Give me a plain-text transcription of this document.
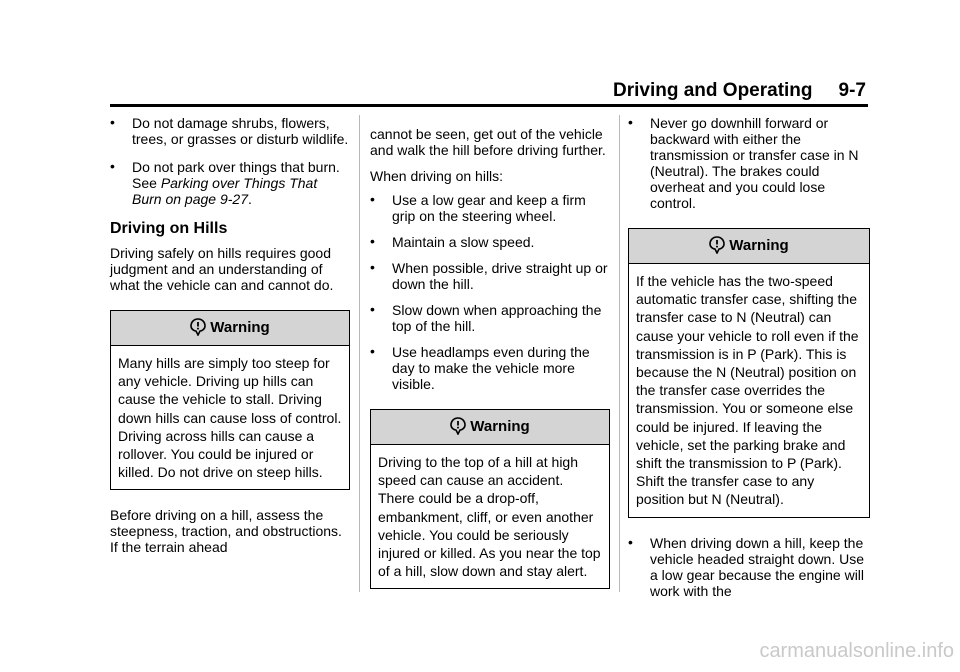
Driving and Operating 9-7
• Do not damage shrubs, flowers, trees, or grasses or disturb wildlife.
• Do not park over things that burn. See Parking over Things That Burn on page 9-27.
Driving on Hills

Driving safely on hills requires good judgment and an understanding of what the vehicle can and cannot do.

Warning
Many hills are simply too steep for any vehicle. Driving up hills can cause the vehicle to stall. Driving down hills can cause loss of control. Driving across hills can cause a rollover. You could be injured or killed. Do not drive on steep hills.

Before driving on a hill, assess the steepness, traction, and obstructions. If the terrain ahead

cannot be seen, get out of the vehicle and walk the hill before driving further.

When driving on hills:

• Use a low gear and keep a firm grip on the steering wheel.
• Maintain a slow speed.
• When possible, drive straight up or down the hill.
• Slow down when approaching the top of the hill.
• Use headlamps even during the day to make the vehicle more visible.
Warning
Driving to the top of a hill at high speed can cause an accident. There could be a drop-off, embankment, cliff, or even another vehicle. You could be seriously injured or killed. As you near the top of a hill, slow down and stay alert.
• Never go downhill forward or backward with either the transmission or transfer case in N (Neutral). The brakes could overheat and you could lose control.
Warning
If the vehicle has the two-speed automatic transfer case, shifting the transfer case to N (Neutral) can cause your vehicle to roll even if the transmission is in P (Park). This is because the N (Neutral) position on the transfer case overrides the transmission. You or someone else could be injured. If leaving the vehicle, set the parking brake and shift the transmission to P (Park). Shift the transfer case to any position but N (Neutral).
• When driving down a hill, keep the vehicle headed straight down. Use a low gear because the engine will work with the
carmanualsonline.info
